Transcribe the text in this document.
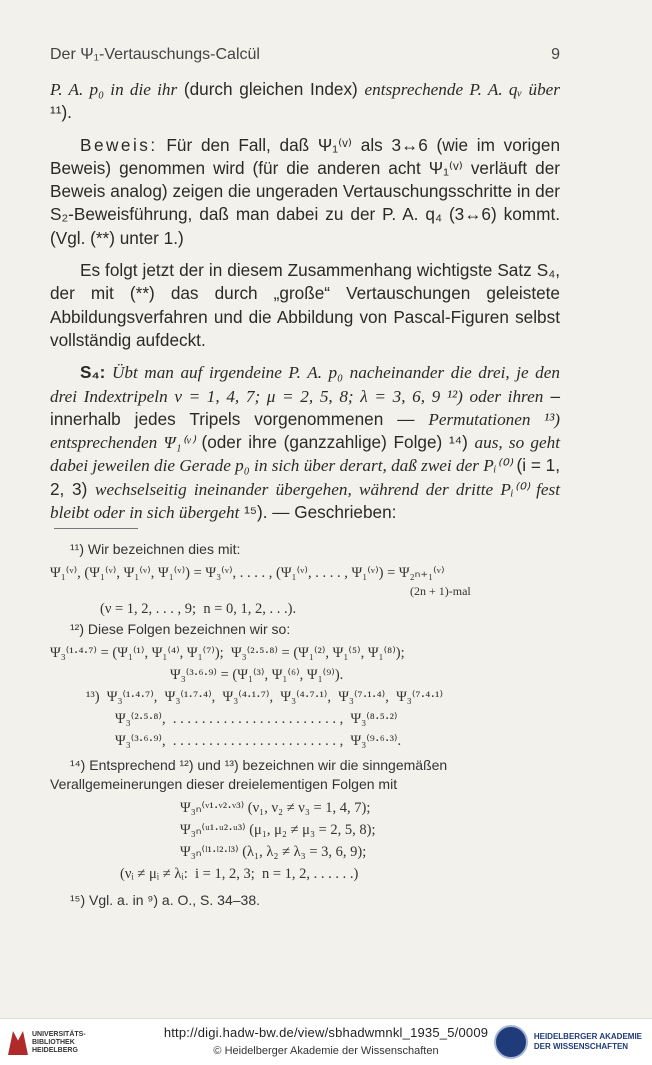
Der Ψ₁-Vertauschungs-Calcül	9

P. A. p₀ in die ihr (durch gleichen Index) entsprechende P. A. qᵥ über ¹¹).

Beweis: Für den Fall, daß Ψ₁⁽ᵛ⁾ als 3↔6 (wie im vorigen Beweis) genommen wird (für die anderen acht Ψ₁⁽ᵛ⁾ verläuft der Beweis analog) zeigen die ungeraden Vertauschungsschritte in der S₂-Beweisführung, daß man dabei zu der P. A. q₄ (3↔6) kommt. (Vgl. (**) unter 1.)

Es folgt jetzt der in diesem Zusammenhang wichtigste Satz S₄, der mit (**) das durch „große“ Vertauschungen geleistete Abbildungsverfahren und die Abbildung von Pascal-Figuren selbst vollständig aufdeckt.

S₄: Übt man auf irgendeine P. A. p₀ nacheinander die drei, je den drei Indextripeln ν = 1, 4, 7; μ = 2, 5, 8; λ = 3, 6, 9 ¹²) oder ihren – innerhalb jedes Tripels vorgenommenen — Permutationen ¹³) entsprechenden Ψ₁⁽ᵛ⁾ (oder ihre (ganzzahlige) Folge) ¹⁴) aus, so geht dabei jeweilen die Gerade p₀ in sich über derart, daß zwei der Pᵢ⁽⁰⁾ (i = 1, 2, 3) wechselseitig ineinander übergehen, während der dritte Pᵢ⁽⁰⁾ fest bleibt oder in sich übergeht ¹⁵). — Geschrieben:

¹¹) Wir bezeichnen dies mit:
Ψ₁⁽ᵛ⁾, (Ψ₁⁽ᵛ⁾, Ψ₁⁽ᵛ⁾, Ψ₁⁽ᵛ⁾) = Ψ₃⁽ᵛ⁾, . . . . , (Ψ₁⁽ᵛ⁾, . . . . , Ψ₁⁽ᵛ⁾) = Ψ₂ₙ₊₁⁽ᵛ⁾
(2n + 1)-mal
(ν = 1, 2, . . . , 9;  n = 0, 1, 2, . . .).
¹²) Diese Folgen bezeichnen wir so:
Ψ₃⁽¹·⁴·⁷⁾ = (Ψ₁⁽¹⁾, Ψ₁⁽⁴⁾, Ψ₁⁽⁷⁾);  Ψ₃⁽²·⁵·⁸⁾ = (Ψ₁⁽²⁾, Ψ₁⁽⁵⁾, Ψ₁⁽⁸⁾);
Ψ₃⁽³·⁶·⁹⁾ = (Ψ₁⁽³⁾, Ψ₁⁽⁶⁾, Ψ₁⁽⁹⁾).
¹³)  Ψ₃⁽¹·⁴·⁷⁾,  Ψ₃⁽¹·⁷·⁴⁾,  Ψ₃⁽⁴·¹·⁷⁾,  Ψ₃⁽⁴·⁷·¹⁾,  Ψ₃⁽⁷·¹·⁴⁾,  Ψ₃⁽⁷·⁴·¹⁾
Ψ₃⁽²·⁵·⁸⁾,  . . . . . . . . . . . . . . . . . . . . . . . ,  Ψ₃⁽⁸·⁵·²⁾
Ψ₃⁽³·⁶·⁹⁾,  . . . . . . . . . . . . . . . . . . . . . . . ,  Ψ₃⁽⁹·⁶·³⁾.
¹⁴) Entsprechend ¹²) und ¹³) bezeichnen wir die sinngemäßen Verallgemeinerungen dieser dreielementigen Folgen mit
Ψ₃ₙ⁽ᵛ¹·ᵛ²·ᵛ³⁾ (ν₁, ν₂ ≠ ν₃ = 1, 4, 7);
Ψ₃ₙ⁽ᵘ¹·ᵘ²·ᵘ³⁾ (μ₁, μ₂ ≠ μ₃ = 2, 5, 8);
Ψ₃ₙ⁽ˡ¹·ˡ²·ˡ³⁾ (λ₁, λ₂ ≠ λ₃ = 3, 6, 9);
(νᵢ ≠ μᵢ ≠ λᵢ:  i = 1, 2, 3;  n = 1, 2, . . . . . .)
¹⁵) Vgl. a. in ⁹) a. O., S. 34–38.
UNIVERSITÄTS-BIBLIOTHEK HEIDELBERG
http://digi.hadw-bw.de/view/sbhadwmnkl_1935_5/0009
© Heidelberger Akademie der Wissenschaften
HEIDELBERGER AKADEMIE
DER WISSENSCHAFTEN
